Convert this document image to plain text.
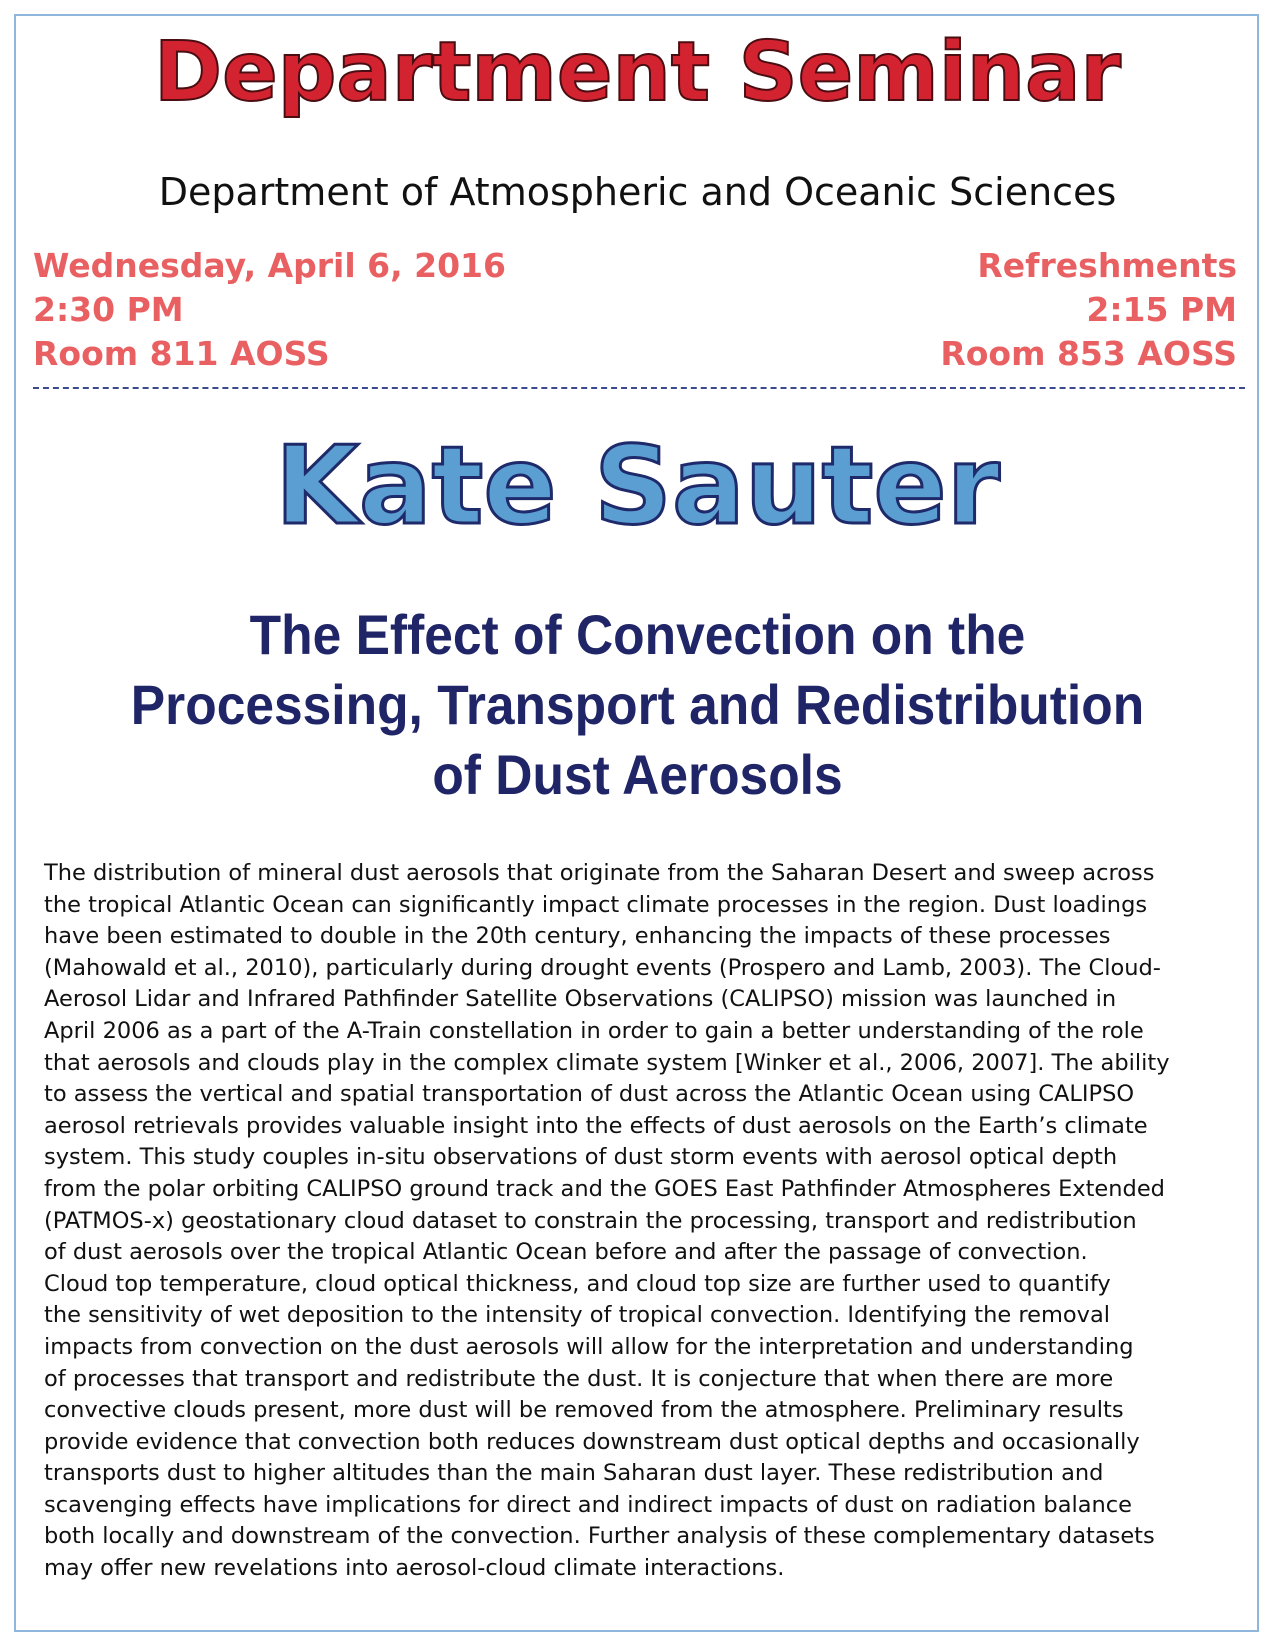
Department Seminar
Department of Atmospheric and Oceanic Sciences
Wednesday, April 6, 2016
2:30 PM
Room 811 AOSS
Refreshments
2:15 PM
Room 853 AOSS
Kate Sauter
The Effect of Convection on the
Processing, Transport and Redistribution
of Dust Aerosols
The distribution of mineral dust aerosols that originate from the Saharan Desert and sweep across
the tropical Atlantic Ocean can significantly impact climate processes in the region. Dust loadings
have been estimated to double in the 20th century, enhancing the impacts of these processes
(Mahowald et al., 2010), particularly during drought events (Prospero and Lamb, 2003). The Cloud-
Aerosol Lidar and Infrared Pathfinder Satellite Observations (CALIPSO) mission was launched in
April 2006 as a part of the A-Train constellation in order to gain a better understanding of the role
that aerosols and clouds play in the complex climate system [Winker et al., 2006, 2007]. The ability
to assess the vertical and spatial transportation of dust across the Atlantic Ocean using CALIPSO
aerosol retrievals provides valuable insight into the effects of dust aerosols on the Earth’s climate
system. This study couples in-situ observations of dust storm events with aerosol optical depth
from the polar orbiting CALIPSO ground track and the GOES East Pathfinder Atmospheres Extended
(PATMOS-x) geostationary cloud dataset to constrain the processing, transport and redistribution
of dust aerosols over the tropical Atlantic Ocean before and after the passage of convection.
Cloud top temperature, cloud optical thickness, and cloud top size are further used to quantify
the sensitivity of wet deposition to the intensity of tropical convection. Identifying the removal
impacts from convection on the dust aerosols will allow for the interpretation and understanding
of processes that transport and redistribute the dust. It is conjecture that when there are more
convective clouds present, more dust will be removed from the atmosphere. Preliminary results
provide evidence that convection both reduces downstream dust optical depths and occasionally
transports dust to higher altitudes than the main Saharan dust layer. These redistribution and
scavenging effects have implications for direct and indirect impacts of dust on radiation balance
both locally and downstream of the convection. Further analysis of these complementary datasets
may offer new revelations into aerosol-cloud climate interactions.
